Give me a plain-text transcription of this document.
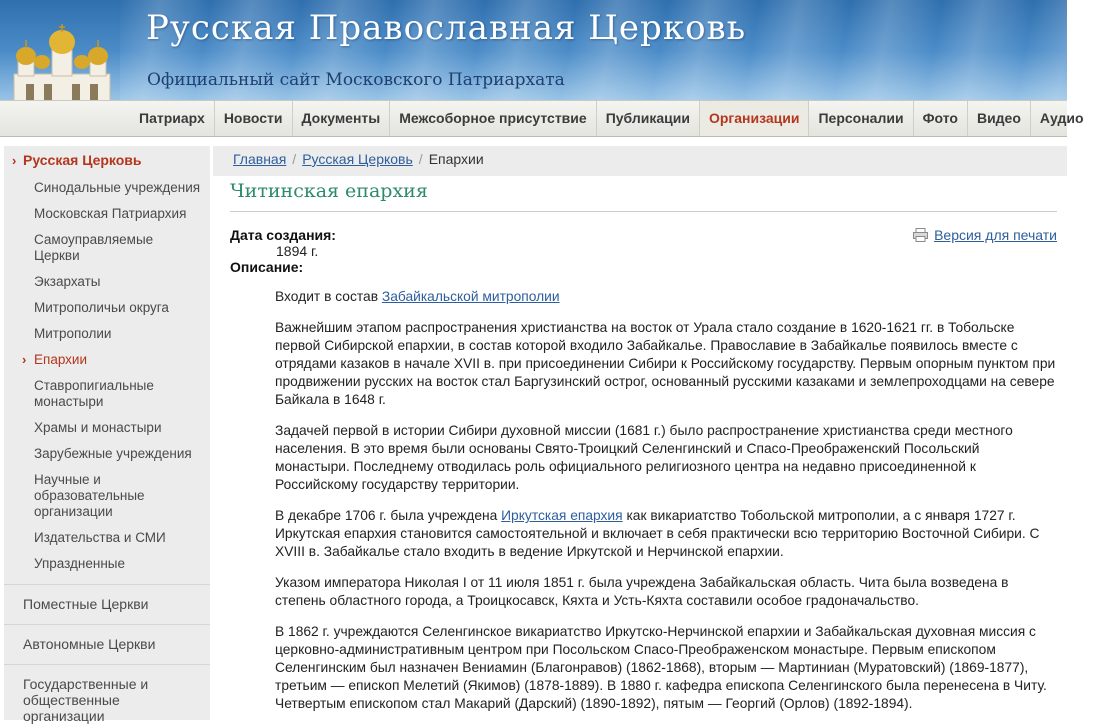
Русская Православная Церковь
Официальный сайт Московского Патриархата
Патриарх	Новости	Документы	Межсоборное присутствие	Публикации	Организации	Персоналии	Фото	Видео	Аудио
› Русская Церковь
Синодальные учреждения
Московская Патриархия
Самоуправляемые Церкви
Экзархаты
Митрополичьи округа
Митрополии
› Епархии
Ставропигиальные монастыри
Храмы и монастыри
Зарубежные учреждения
Научные и образовательные организации
Издательства и СМИ
Упраздненные
Поместные Церкви
Автономные Церкви
Государственные и общественные организации
Главная / Русская Церковь / Епархии
Читинская епархия
Дата создания:
1894 г.
Описание:
Версия для печати

Входит в состав Забайкальской митрополии

Важнейшим этапом распространения христианства на восток от Урала стало создание в 1620-1621 гг. в Тобольске первой Сибирской епархии, в состав которой входило Забайкалье. Православие в Забайкалье появилось вместе с отрядами казаков в начале XVII в. при присоединении Сибири к Российскому государству. Первым опорным пунктом при продвижении русских на восток стал Баргузинский острог, основанный русскими казаками и землепроходцами на севере Байкала в 1648 г.

Задачей первой в истории Сибири духовной миссии (1681 г.) было распространение христианства среди местного населения. В это время были основаны Свято-Троицкий Селенгинский и Спасо-Преображенский Посольский монастыри. Последнему отводилась роль официального религиозного центра на недавно присоединенной к Российскому государству территории.

В декабре 1706 г. была учреждена Иркутская епархия как викариатство Тобольской митрополии, а с января 1727 г. Иркутская епархия становится самостоятельной и включает в себя практически всю территорию Восточной Сибири. С XVIII в. Забайкалье стало входить в ведение Иркутской и Нерчинской епархии.

Указом императора Николая I от 11 июля 1851 г. была учреждена Забайкальская область. Чита была возведена в степень областного города, а Троицкосавск, Кяхта и Усть-Кяхта составили особое градоначальство.

В 1862 г. учреждаются Селенгинское викариатство Иркутско-Нерчинской епархии и Забайкальская духовная миссия с церковно-административным центром при Посольском Спасо-Преображенском монастыре. Первым епископом Селенгинским был назначен Вениамин (Благонравов) (1862-1868), вторым — Мартиниан (Муратовский) (1869-1877), третьим — епископ Мелетий (Якимов) (1878-1889). В 1880 г. кафедра епископа Селенгинского была перенесена в Читу. Четвертым епископом стал Макарий (Дарский) (1890-1892), пятым — Георгий (Орлов) (1892-1894).
